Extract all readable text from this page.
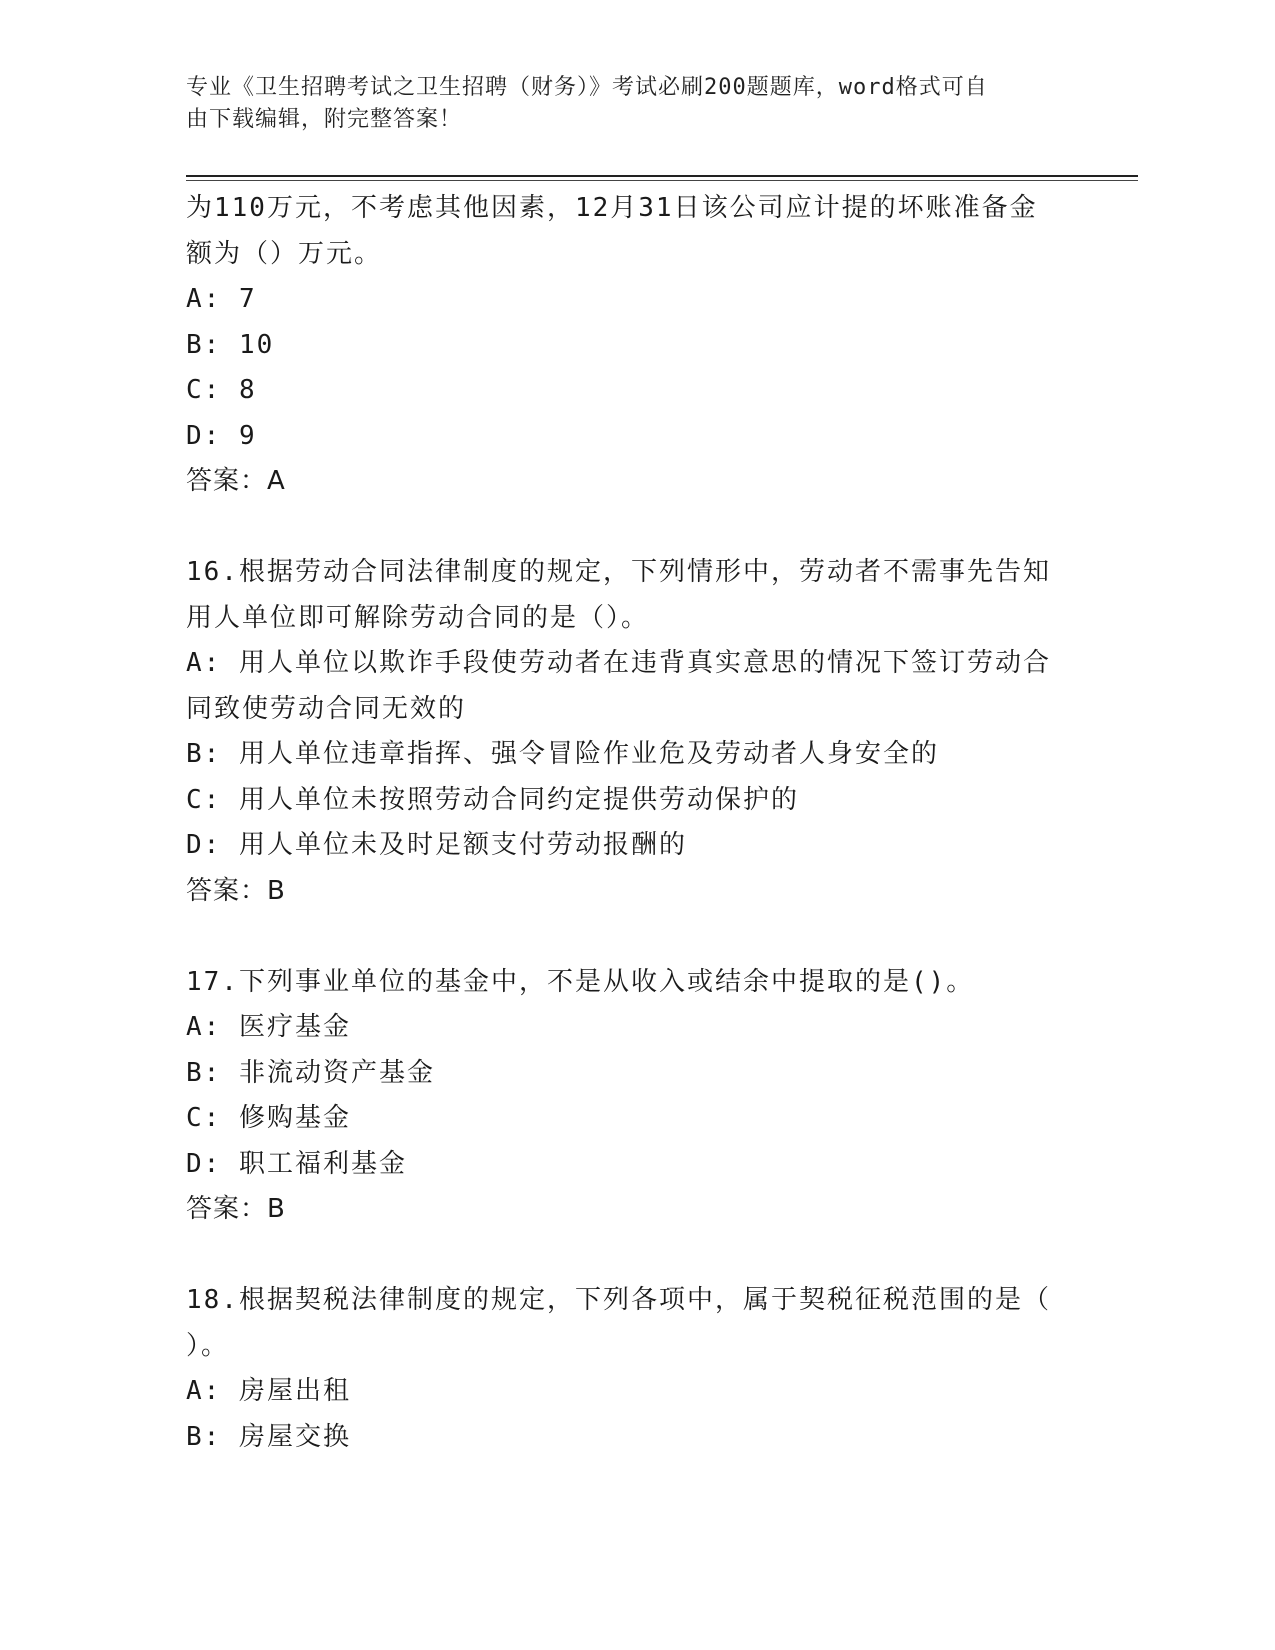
专业《卫生招聘考试之卫生招聘（财务）》考试必刷200题题库，word格式可自
由下载编辑，附完整答案！

为110万元，不考虑其他因素，12月31日该公司应计提的坏账准备金

额为（）万元。

A: 7

B: 10

C: 8

D: 9

答案：A

16.根据劳动合同法律制度的规定，下列情形中，劳动者不需事先告知

用人单位即可解除劳动合同的是（）。

A: 用人单位以欺诈手段使劳动者在违背真实意思的情况下签订劳动合

同致使劳动合同无效的

B: 用人单位违章指挥、强令冒险作业危及劳动者人身安全的

C: 用人单位未按照劳动合同约定提供劳动保护的

D: 用人单位未及时足额支付劳动报酬的

答案：B

17.下列事业单位的基金中，不是从收入或结余中提取的是()。

A: 医疗基金

B: 非流动资产基金

C: 修购基金

D: 职工福利基金

答案：B

18.根据契税法律制度的规定，下列各项中，属于契税征税范围的是（

）。

A: 房屋出租

B: 房屋交换
